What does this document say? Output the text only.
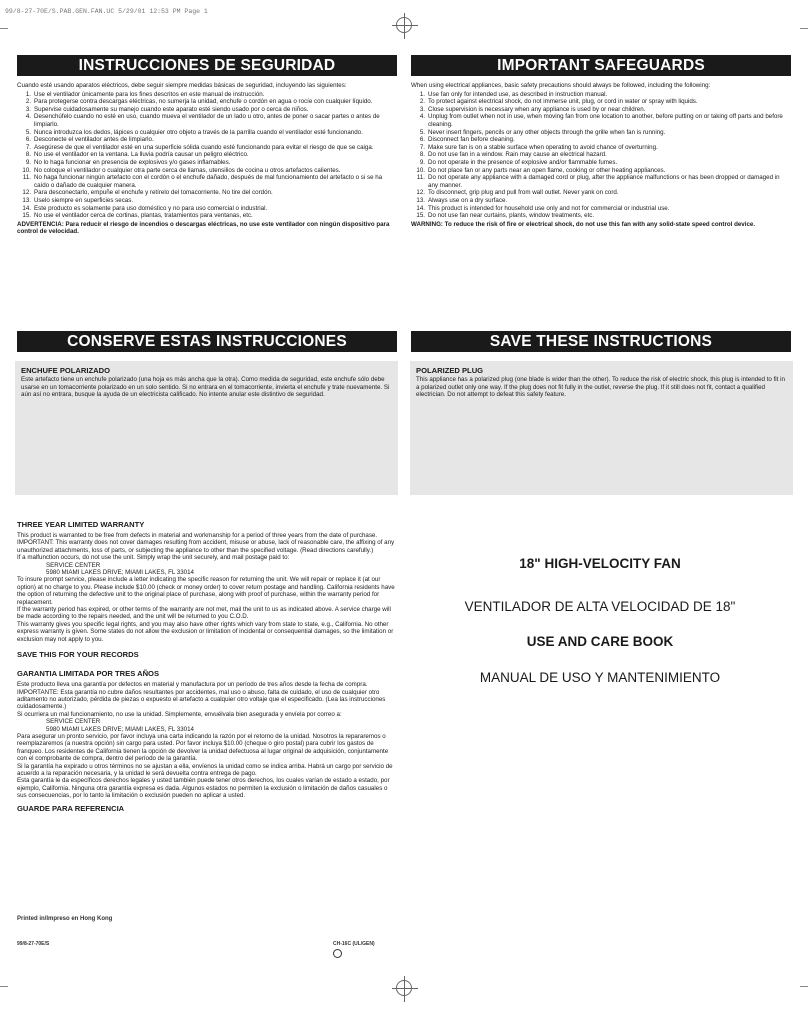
99/8-27-70E/S.PAB.GEN.FAN.UC 5/29/01 12:53 PM Page 1
INSTRUCCIONES DE SEGURIDAD

Cuando esté usando aparatos eléctricos, debe seguir siempre medidas básicas de seguridad, incluyendo las siguientes:

1. Use el ventilador únicamente para los fines descritos en este manual de instrucción.
2. Para protegerse contra descargas eléctricas, no sumerja la unidad, enchufe o cordón en agua o rocíe con cualquier líquido.
3. Supervise cuidadosamente su manejo cuando este aparato esté siendo usado por o cerca de niños.
4. Desenchúfelo cuando no esté en uso, cuando mueva el ventilador de un lado u otro, antes de poner o sacar partes o antes de limpiarlo.
5. Nunca introduzca los dedos, lápices o cualquier otro objeto a través de la parrilla cuando el ventilador esté funcionando.
6. Desconecte el ventilador antes de limpiarlo.
7. Asegúrese de que el ventilador esté en una superficie sólida cuando esté funcionando para evitar el riesgo de que se caiga.
8. No use el ventilador en la ventana. La lluvia podría causar un peligro eléctrico.
9. No lo haga funcionar en presencia de explosivos y/o gases inflamables.
10. No coloque el ventilador o cualquier otra parte cerca de llamas, utensilios de cocina u otros artefactos calientes.
11. No haga funcionar ningún artefacto con el cordón o el enchufe dañado, después de mal funcionamiento del artefacto o si se ha caído o dañado de cualquier manera.
12. Para desconectarlo, empuñe el enchufe y retírelo del tomacorriente. No tire del cordón.
13. Uselo siempre en superficies secas.
14. Este producto es solamente para uso doméstico y no para uso comercial o industrial.
15. No use el ventilador cerca de cortinas, plantas, tratamientos para ventanas, etc.

ADVERTENCIA: Para reducir el riesgo de incendios o descargas eléctricas, no use este ventilador con ningún dispositivo para control de velocidad.

IMPORTANT SAFEGUARDS

When using electrical appliances, basic safety precautions should always be followed, including the following:

1. Use fan only for intended use, as described in instruction manual.
2. To protect against electrical shock, do not immerse unit, plug, or cord in water or spray with liquids.
3. Close supervision is necessary when any appliance is used by or near children.
4. Unplug from outlet when not in use, when moving fan from one location to another, before putting on or taking off parts and before cleaning.
5. Never insert fingers, pencils or any other objects through the grille when fan is running.
6. Disconnect fan before cleaning.
7. Make sure fan is on a stable surface when operating to avoid chance of overturning.
8. Do not use fan in a window. Rain may cause an electrical hazard.
9. Do not operate in the presence of explosive and/or flammable fumes.
10. Do not place fan or any parts near an open flame, cooking or other heating appliances.
11. Do not operate any appliance with a damaged cord or plug, after the appliance malfunctions or has been dropped or damaged in any manner.
12. To disconnect, grip plug and pull from wall outlet. Never yank on cord.
13. Always use on a dry surface.
14. This product is intended for household use only and not for commercial or industrial use.
15. Do not use fan near curtains, plants, window treatments, etc.

WARNING: To reduce the risk of fire or electrical shock, do not use this fan with any solid-state speed control device.

CONSERVE ESTAS INSTRUCCIONES	SAVE THESE INSTRUCTIONS
ENCHUFE POLARIZADO
Este artefacto tiene un enchufe polarizado (una hoja es más ancha que la otra). Como medida de seguridad, este enchufe sólo debe usarse en un tomacorriente polarizado en un solo sentido. Si no entrara en el tomacorriente, invierta el enchufe y trate nuevamente. Si aún así no entrara, busque la ayuda de un electricista calificado. No intente anular este distintivo de seguridad.
POLARIZED PLUG
This appliance has a polarized plug (one blade is wider than the other). To reduce the risk of electric shock, this plug is intended to fit in a polarized outlet only one way. If the plug does not fit fully in the outlet, reverse the plug. If it still does not fit, contact a qualified electrician. Do not attempt to defeat this safety feature.
THREE YEAR LIMITED WARRANTY

This product is warranted to be free from defects in material and workmanship for a period of three years from the date of purchase.

IMPORTANT: This warranty does not cover damages resulting from accident, misuse or abuse, lack of reasonable care, the affixing of any unauthorized attachments, loss of parts, or subjecting the appliance to other than the specified voltage. (Read directions carefully.)

If a malfunction occurs, do not use the unit. Simply wrap the unit securely, and mail postage paid to:

SERVICE CENTER

5980 MIAMI LAKES DRIVE; MIAMI LAKES, FL 33014

To insure prompt service, please include a letter indicating the specific reason for returning the unit. We will repair or replace it (at our option) at no charge to you. Please include $10.00 (check or money order) to cover return postage and handling. California residents have the option of returning the defective unit to the original place of purchase, along with proof of purchase, within the warranty period for replacement.

If the warranty period has expired, or other terms of the warranty are not met, mail the unit to us as indicated above. A service charge will be made according to the repairs needed, and the unit will be returned to you C.O.D.

This warranty gives you specific legal rights, and you may also have other rights which vary from state to state, e.g., California. No other express warranty is given. Some states do not allow the exclusion or limitation of incidental or consequential damages, so the limitation or exclusion may not apply to you.

SAVE THIS FOR YOUR RECORDS
GARANTIA LIMITADA POR TRES AÑOS

Este producto lleva una garantía por defectos en material y manufactura por un período de tres años desde la fecha de compra.

IMPORTANTE: Esta garantía no cubre daños resultantes por accidentes, mal uso o abuso, falta de cuidado, el uso de cualquier otro aditamento no autorizado, pérdida de piezas o expuesto el artefacto a cualquier otro voltaje que el especificado. (Lea las instrucciones cuidadosamente.)

Si ocurriera un mal funcionamiento, no use la unidad. Simplemente, envuélvala bien asegurada y envíela por correo a:

SERVICE CENTER

5980 MIAMI LAKES DRIVE; MIAMI LAKES, FL 33014

Para asegurar un pronto servicio, por favor incluya una carta indicando la razón por el retorno de la unidad. Nosotros la repararemos o reemplazaremos (a nuestra opción) sin cargo para usted. Por favor incluya $10.00 (cheque o giro postal) para cubrir los gastos de franqueo. Los residentes de California tienen la opción de devolver la unidad defectuosa al lugar original de adquisición, conjuntamente con el comprobante de compra, dentro del período de la garantía.

Si la garantía ha expirado u otros términos no se ajustan a ella, envíenos la unidad como se indica arriba. Habrá un cargo por servicio de acuerdo a la reparación necesaria, y la unidad le será devuelta contra entrega de pago.

Esta garantía le da específicos derechos legales y usted también puede tener otros derechos, los cuales varían de estado a estado, por ejemplo, California. Ninguna otra garantía expresa es dada. Algunos estados no permiten la exclusión o limitación de daños casuales o sus consecuencias, por lo tanto la limitación o exclusión pueden no aplicar a usted.

GUARDE PARA REFERENCIA
18" HIGH-VELOCITY FAN
VENTILADOR DE ALTA VELOCIDAD DE 18"
USE AND CARE BOOK
MANUAL DE USO Y MANTENIMIENTO
Printed in/Impreso en Hong Kong
99/8-27-70E/S	CH-16C (UL/GEN)
